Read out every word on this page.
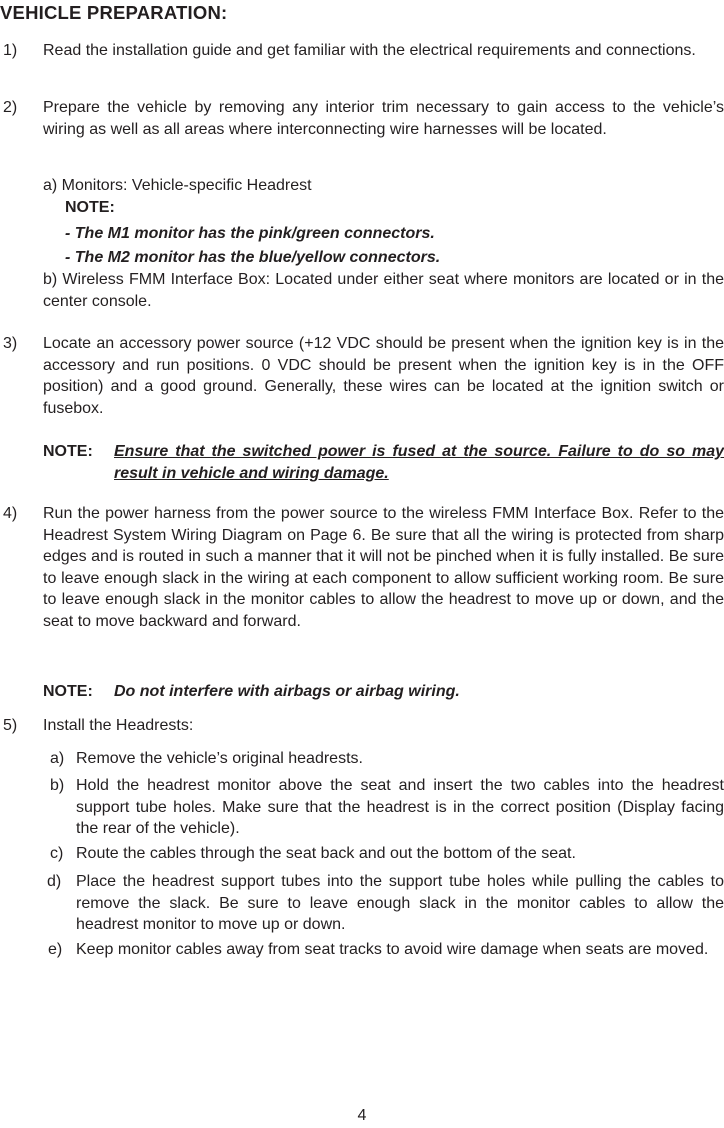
VEHICLE PREPARATION:
1) Read the installation guide and get familiar with the electrical requirements and connections.
2) Prepare the vehicle by removing any interior trim necessary to gain access to the vehicle’s wiring as well as all areas where interconnecting wire harnesses will be located.
a) Monitors: Vehicle-specific Headrest
NOTE:
- The M1 monitor has the pink/green connectors.
- The M2 monitor has the blue/yellow connectors.
b) Wireless FMM Interface Box: Located under either seat where monitors are located or in the center console.
3) Locate an accessory power source (+12 VDC should be present when the ignition key is in the accessory and run positions. 0 VDC should be present when the ignition key is in the OFF position) and a good ground. Generally, these wires can be located at the ignition switch or fusebox.
NOTE: Ensure that the switched power is fused at the source. Failure to do so may result in vehicle and wiring damage.
4) Run the power harness from the power source to the wireless FMM Interface Box. Refer to the Headrest System Wiring Diagram on Page 6. Be sure that all the wiring is protected from sharp edges and is routed in such a manner that it will not be pinched when it is fully installed. Be sure to leave enough slack in the wiring at each component to allow sufficient working room. Be sure to leave enough slack in the monitor cables to allow the headrest to move up or down, and the seat to move backward and forward.
NOTE: Do not interfere with airbags or airbag wiring.
5) Install the Headrests:
a) Remove the vehicle’s original headrests.
b) Hold the headrest monitor above the seat and insert the two cables into the headrest support tube holes. Make sure that the headrest is in the correct position (Display facing the rear of the vehicle).
c) Route the cables through the seat back and out the bottom of the seat.
d) Place the headrest support tubes into the support tube holes while pulling the cables to remove the slack. Be sure to leave enough slack in the monitor cables to allow the headrest monitor to move up or down.
e) Keep monitor cables away from seat tracks to avoid wire damage when seats are moved.
4
